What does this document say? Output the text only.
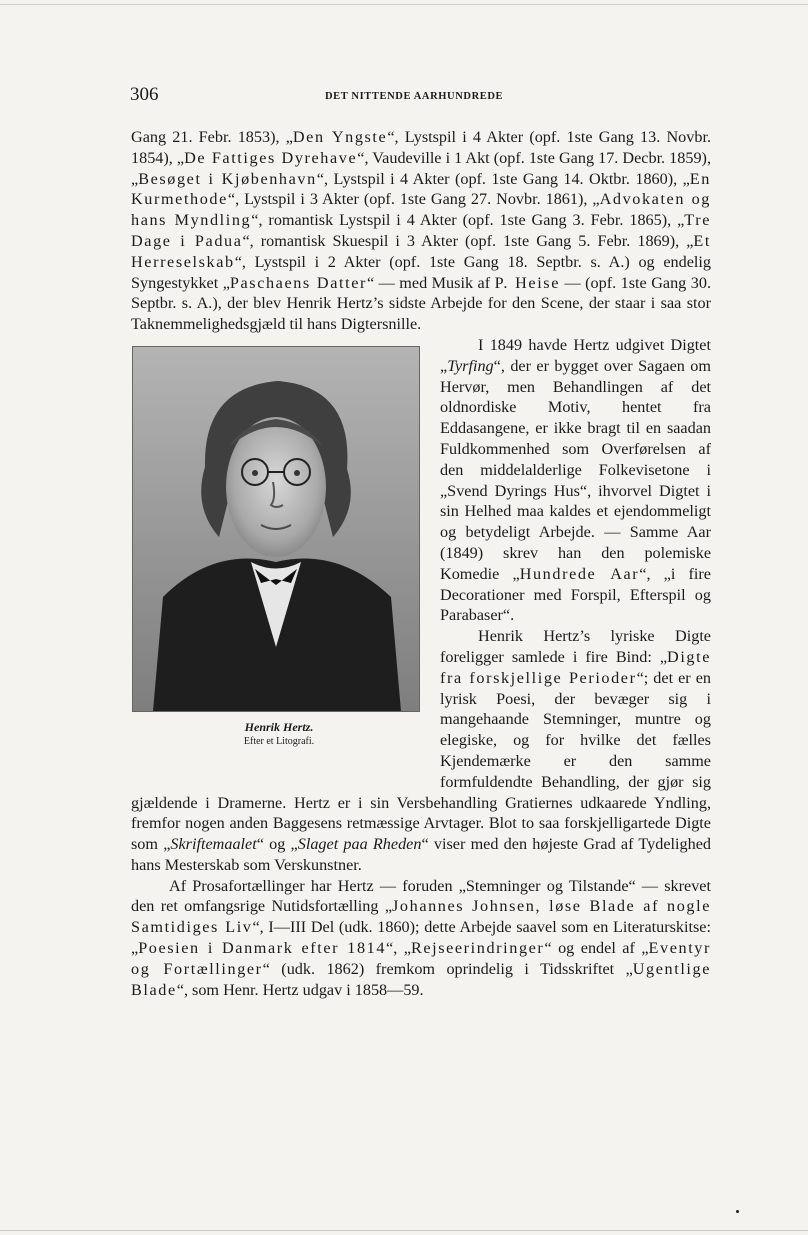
306	DET NITTENDE AARHUNDREDE

Gang 21. Febr. 1853), „Den Yngste“, Lystspil i 4 Akter (opf. 1ste Gang 13. Novbr. 1854), „De Fattiges Dyrehave“, Vaudeville i 1 Akt (opf. 1ste Gang 17. Decbr. 1859), „Besøget i Kjøbenhavn“, Lystspil i 4 Akter (opf. 1ste Gang 14. Oktbr. 1860), „En Kurmethode“, Lystspil i 3 Akter (opf. 1ste Gang 27. Novbr. 1861), „Advokaten og hans Myndling“, romantisk Lystspil i 4 Akter (opf. 1ste Gang 3. Febr. 1865), „Tre Dage i Padua“, romantisk Skuespil i 3 Akter (opf. 1ste Gang 5. Febr. 1869), „Et Herreselskab“, Lystspil i 2 Akter (opf. 1ste Gang 18. Septbr. s. A.) og endelig Syngestykket „Paschaens Datter“ — med Musik af P. Heise — (opf. 1ste Gang 30. Septbr. s. A.), der blev Henrik Hertz’s sidste Arbejde for den Scene, der staar i saa stor Taknemmelighedsgjæld til hans Digtersnille.

Henrik Hertz.
Efter et Litografi.

I 1849 havde Hertz udgivet Digtet „Tyrfing“, der er bygget over Sagaen om Hervør, men Behandlingen af det oldnordiske Motiv, hentet fra Eddasangene, er ikke bragt til en saadan Fuldkommenhed som Overførelsen af den middelalderlige Folkevisetone i „Svend Dyrings Hus“, ihvorvel Digtet i sin Helhed maa kaldes et ejendommeligt og betydeligt Arbejde. — Samme Aar (1849) skrev han den polemiske Komedie „Hundrede Aar“, „i fire Decorationer med Forspil, Efterspil og Parabaser“.

Henrik Hertz’s lyriske Digte foreligger samlede i fire Bind: „Digte fra forskjellige Perioder“; det er en lyrisk Poesi, der bevæger sig i mangehaande Stemninger, muntre og elegiske, og for hvilke det fælles Kjendemærke er den samme formfuldendte Behandling, der gjør sig gjældende i Dramerne. Hertz er i sin Versbehandling Gratiernes udkaarede Yndling, fremfor nogen anden Baggesens retmæssige Arvtager. Blot to saa forskjelligartede Digte som „Skriftemaalet“ og „Slaget paa Rheden“ viser med den højeste Grad af Tydelighed hans Mesterskab som Verskunstner.

Af Prosafortællinger har Hertz — foruden „Stemninger og Tilstande“ — skrevet den ret omfangsrige Nutidsfortælling „Johannes Johnsen, løse Blade af nogle Samtidiges Liv“, I—III Del (udk. 1860); dette Arbejde saavel som en Literaturskitse: „Poesien i Danmark efter 1814“, „Rejseerindringer“ og endel af „Eventyr og Fortællinger“ (udk. 1862) fremkom oprindelig i Tidsskriftet „Ugentlige Blade“, som Henr. Hertz udgav i 1858—59.
